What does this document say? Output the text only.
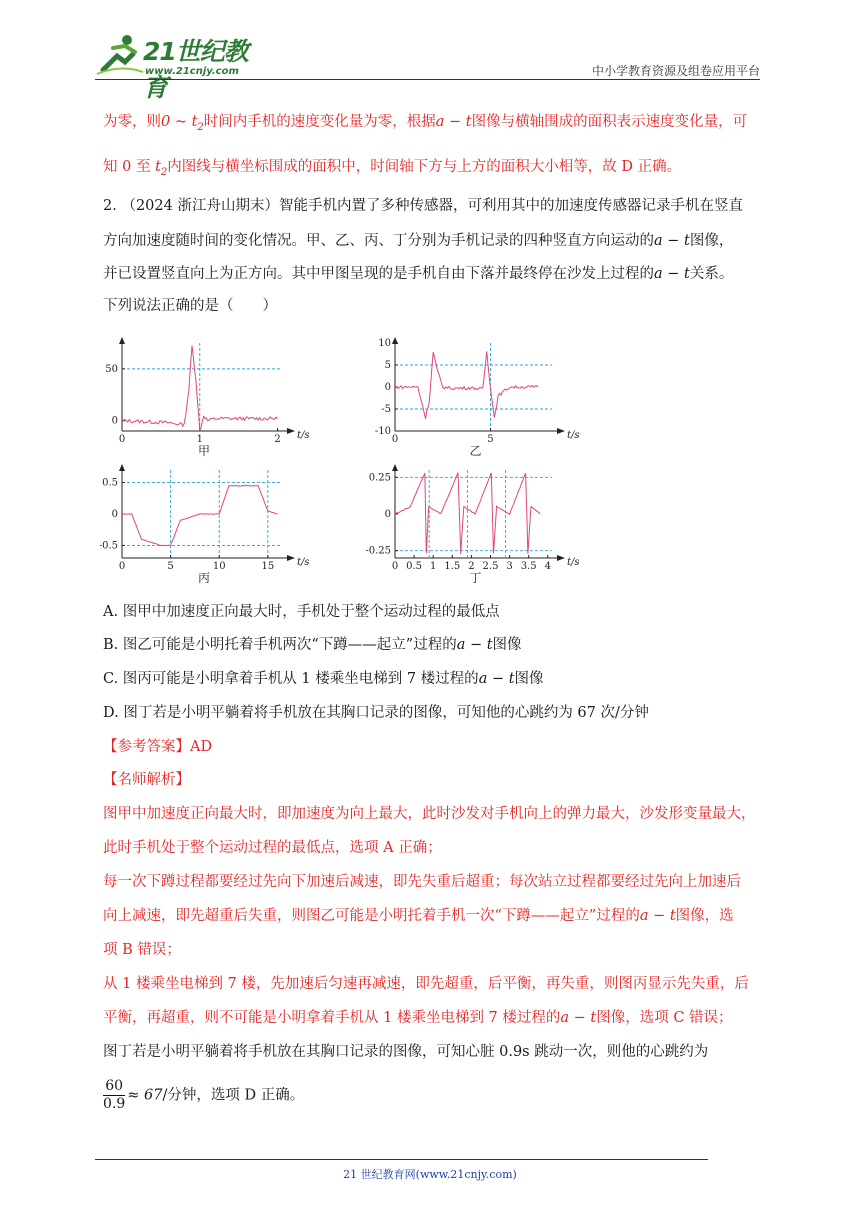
21世纪教育
www.21cnjy.com	中小学教育资源及组卷应用平台
为零，则0 ~ $t_2$时间内手机的速度变化量为零，根据a − t图像与横轴围成的面积表示速度变化量，可
知 0 至 $t_2$内图线与横坐标围成的面积中，时间轴下方与上方的面积大小相等，故 D 正确。
2. （2024 浙江舟山期末）智能手机内置了多种传感器，可利用其中的加速度传感器记录手机在竖直
方向加速度随时间的变化情况。甲、乙、丙、丁分别为手机记录的四种竖直方向运动的a − t图像，
并已设置竖直向上为正方向。其中甲图呈现的是手机自由下落并最终停在沙发上过程的a − t关系。
下列说法正确的是（　　）
t/s
50
0
0	1	2
甲
t/s
10
5
0
-5
-10
0	5
乙
t/s
0.5
0
-0.5
0	5	10	15
丙
t/s
0.25
0
-0.25
0 0.5 1 1.5 2 2.5 3 3.5 4
丁
A. 图甲中加速度正向最大时，手机处于整个运动过程的最低点
B. 图乙可能是小明托着手机两次“下蹲——起立”过程的a − t图像
C. 图丙可能是小明拿着手机从 1 楼乘坐电梯到 7 楼过程的a − t图像
D. 图丁若是小明平躺着将手机放在其胸口记录的图像，可知他的心跳约为 67 次/分钟
【参考答案】AD
【名师解析】
图甲中加速度正向最大时，即加速度为向上最大，此时沙发对手机向上的弹力最大，沙发形变量最大，
此时手机处于整个运动过程的最低点，选项 A 正确；
每一次下蹲过程都要经过先向下加速后减速，即先失重后超重；每次站立过程都要经过先向上加速后
向上减速，即先超重后失重，则图乙可能是小明托着手机一次“下蹲——起立”过程的a − t图像，选
项 B 错误；
从 1 楼乘坐电梯到 7 楼，先加速后匀速再减速，即先超重，后平衡，再失重，则图丙显示先失重，后
平衡，再超重，则不可能是小明拿着手机从 1 楼乘坐电梯到 7 楼过程的a − t图像，选项 C 错误；
图丁若是小明平躺着将手机放在其胸口记录的图像，可知心脏 0.9s 跳动一次，则他的心跳约为
$\frac{60}{0.9} \approx 67/$分钟，选项 D 正确。
21 世纪教育网(www.21cnjy.com)
